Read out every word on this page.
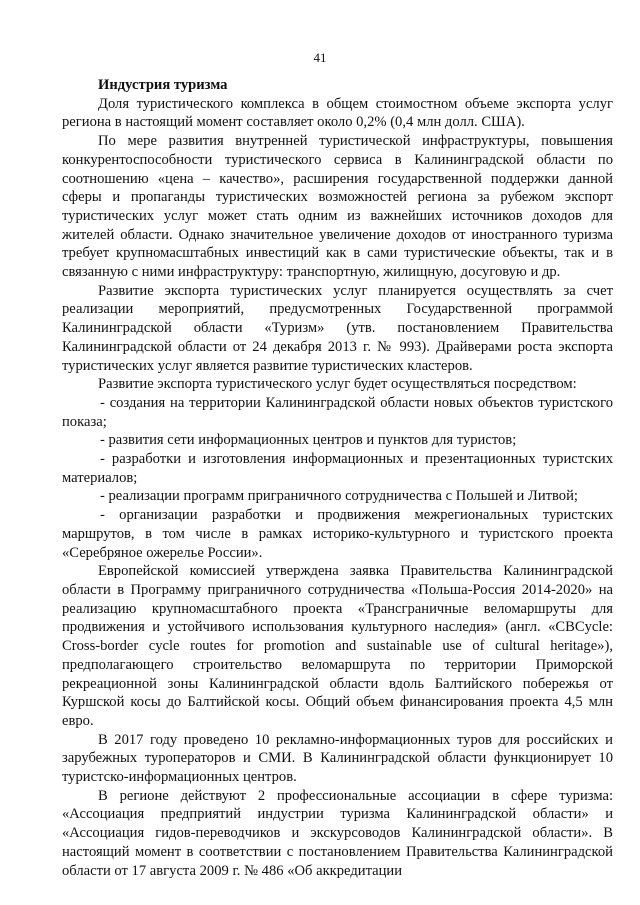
41

Индустрия туризма

Доля туристического комплекса в общем стоимостном объеме экспорта услуг региона в настоящий момент составляет около 0,2% (0,4 млн долл. США).

По мере развития внутренней туристической инфраструктуры, повышения конкурентоспособности туристического сервиса в Калининградской области по соотношению «цена – качество», расширения государственной поддержки данной сферы и пропаганды туристических возможностей региона за рубежом экспорт туристических услуг может стать одним из важнейших источников доходов для жителей области. Однако значительное увеличение доходов от иностранного туризма требует крупномасштабных инвестиций как в сами туристические объекты, так и в связанную с ними инфраструктуру: транспортную, жилищную, досуговую и др.

Развитие экспорта туристических услуг планируется осуществлять за счет реализации мероприятий, предусмотренных Государственной программой Калининградской области «Туризм» (утв. постановлением Правительства Калининградской области от 24 декабря 2013 г. № 993). Драйверами роста экспорта туристических услуг является развитие туристических кластеров.

Развитие экспорта туристического услуг будет осуществляться посредством:

- создания на территории Калининградской области новых объектов туристского показа;

- развития сети информационных центров и пунктов для туристов;

- разработки и изготовления информационных и презентационных туристских материалов;

- реализации программ приграничного сотрудничества с Польшей и Литвой;

- организации разработки и продвижения межрегиональных туристских маршрутов, в том числе в рамках историко-культурного и туристского проекта «Серебряное ожерелье России».

Европейской комиссией утверждена заявка Правительства Калининградской области в Программу приграничного сотрудничества «Польша-Россия 2014-2020» на реализацию крупномасштабного проекта «Трансграничные веломаршруты для продвижения и устойчивого использования культурного наследия» (англ. «CBCycle: Cross-border cycle routes for promotion and sustainable use of cultural heritage»), предполагающего строительство веломаршрута по территории Приморской рекреационной зоны Калининградской области вдоль Балтийского побережья от Куршской косы до Балтийской косы. Общий объем финансирования проекта 4,5 млн евро.

В 2017 году проведено 10 рекламно-информационных туров для российских и зарубежных туроператоров и СМИ. В Калининградской области функционирует 10 туристско-информационных центров.

В регионе действуют 2 профессиональные ассоциации в сфере туризма: «Ассоциация предприятий индустрии туризма Калининградской области» и «Ассоциация гидов-переводчиков и экскурсоводов Калининградской области». В настоящий момент в соответствии с постановлением Правительства Калининградской области от 17 августа 2009 г. № 486 «Об аккредитации
